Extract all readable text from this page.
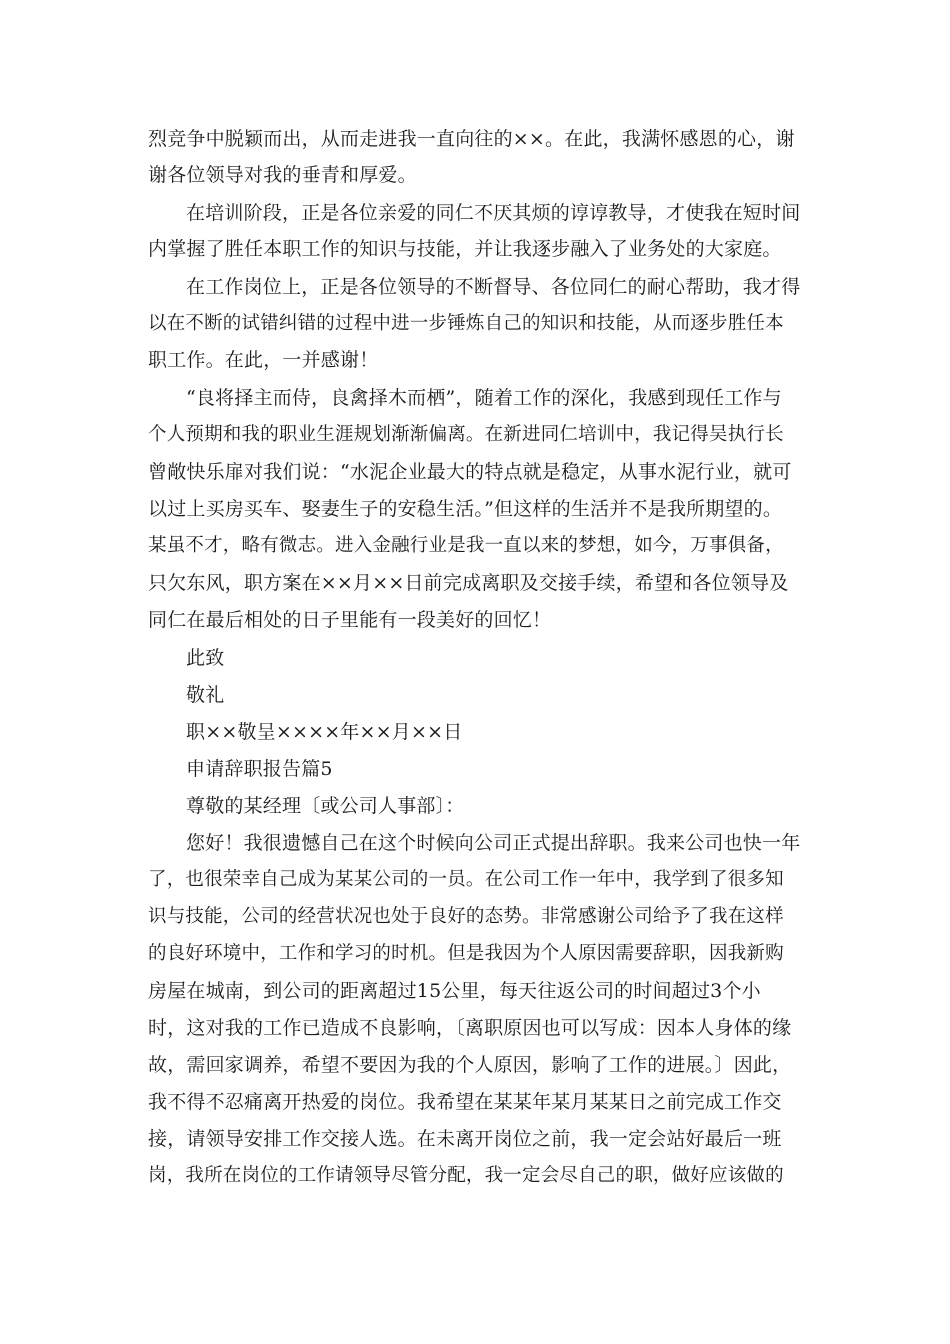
烈竞争中脱颖而出，从而走进我一直向往的××。在此，我满怀感恩的心，谢
谢各位领导对我的垂青和厚爱。
在培训阶段，正是各位亲爱的同仁不厌其烦的谆谆教导，才使我在短时间
内掌握了胜任本职工作的知识与技能，并让我逐步融入了业务处的大家庭。
在工作岗位上，正是各位领导的不断督导、各位同仁的耐心帮助，我才得
以在不断的试错纠错的过程中进一步锤炼自己的知识和技能，从而逐步胜任本
职工作。在此，一并感谢！
“良将择主而侍，良禽择木而栖”，随着工作的深化，我感到现任工作与
个人预期和我的职业生涯规划渐渐偏离。在新进同仁培训中，我记得吴执行长
曾敞快乐扉对我们说：“水泥企业最大的特点就是稳定，从事水泥行业，就可
以过上买房买车、娶妻生子的安稳生活。”但这样的生活并不是我所期望的。
某虽不才，略有微志。进入金融行业是我一直以来的梦想，如今，万事俱备，
只欠东风，职方案在××月××日前完成离职及交接手续，希望和各位领导及
同仁在最后相处的日子里能有一段美好的回忆！
此致
敬礼
职××敬呈××××年××月××日
申请辞职报告篇5
尊敬的某经理〔或公司人事部〕：
您好！我很遗憾自己在这个时候向公司正式提出辞职。我来公司也快一年
了，也很荣幸自己成为某某公司的一员。在公司工作一年中，我学到了很多知
识与技能，公司的经营状况也处于良好的态势。非常感谢公司给予了我在这样
的良好环境中，工作和学习的时机。但是我因为个人原因需要辞职，因我新购
房屋在城南，到公司的距离超过15公里，每天往返公司的时间超过3个小
时，这对我的工作已造成不良影响，〔离职原因也可以写成：因本人身体的缘
故，需回家调养，希望不要因为我的个人原因，影响了工作的进展。〕因此，
我不得不忍痛离开热爱的岗位。我希望在某某年某月某某日之前完成工作交
接，请领导安排工作交接人选。在未离开岗位之前，我一定会站好最后一班
岗，我所在岗位的工作请领导尽管分配，我一定会尽自己的职，做好应该做的
